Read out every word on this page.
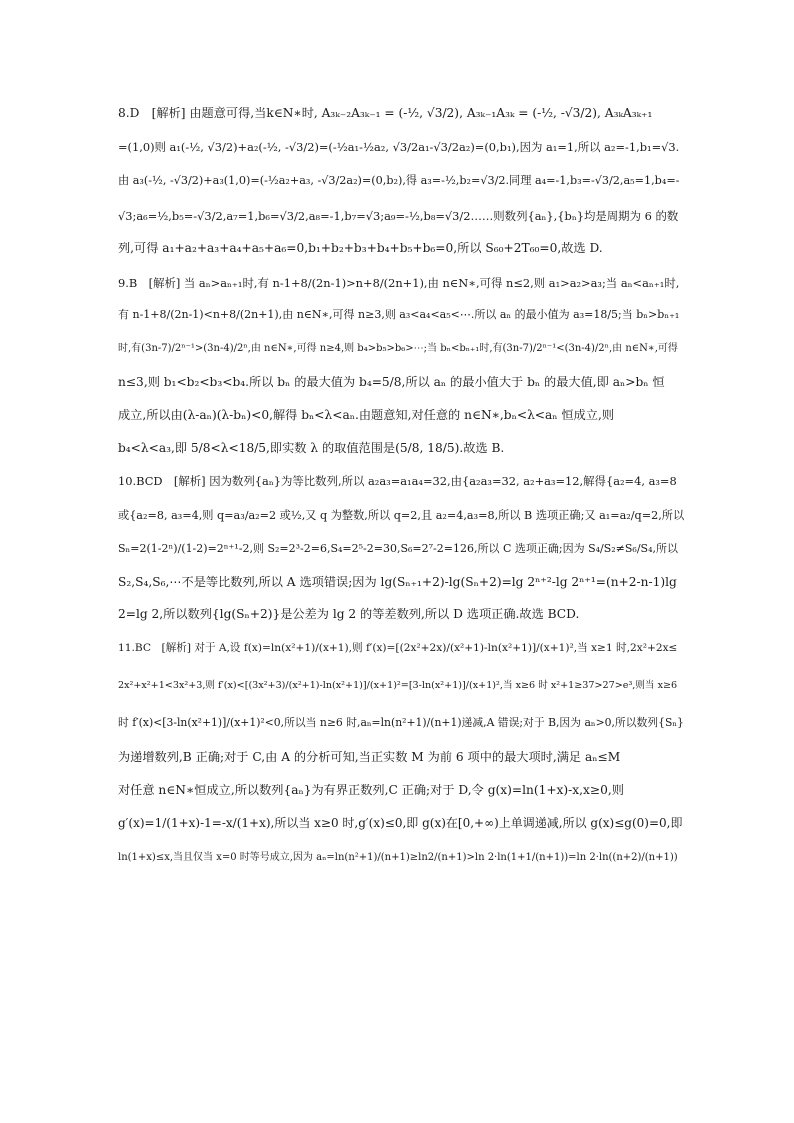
8.D　[解析] 由题意可得,当k∈N∗时, A₃ₖ₋₂A₃ₖ₋₁ = (-½, √3/2), A₃ₖ₋₁A₃ₖ = (-½, -√3/2), A₃ₖA₃ₖ₊₁
=(1,0)则 a₁(-½, √3/2)+a₂(-½, -√3/2)=(-½a₁-½a₂, √3/2a₁-√3/2a₂)=(0,b₁),因为 a₁=1,所以 a₂=-1,b₁=√3.
由 a₃(-½, -√3/2)+a₃(1,0)=(-½a₂+a₃, -√3/2a₂)=(0,b₂),得 a₃=-½,b₂=√3/2.同理 a₄=-1,b₃=-√3/2,a₅=1,b₄=-
√3;a₆=½,b₅=-√3/2,a₇=1,b₆=√3/2,a₈=-1,b₇=√3;a₉=-½,b₈=√3/2……则数列{aₙ},{bₙ}均是周期为 6 的数
列,可得 a₁+a₂+a₃+a₄+a₅+a₆=0,b₁+b₂+b₃+b₄+b₅+b₆=0,所以 S₆₀+2T₆₀=0,故选 D.
9.B　[解析] 当 aₙ>aₙ₊₁时,有 n-1+8/(2n-1)>n+8/(2n+1),由 n∈N∗,可得 n≤2,则 a₁>a₂>a₃;当 aₙ<aₙ₊₁时,
有 n-1+8/(2n-1)<n+8/(2n+1),由 n∈N∗,可得 n≥3,则 a₃<a₄<a₅<⋯.所以 aₙ 的最小值为 a₃=18/5;当 bₙ>bₙ₊₁
时,有(3n-7)/2ⁿ⁻¹>(3n-4)/2ⁿ,由 n∈N∗,可得 n≥4,则 b₄>b₅>b₆>⋯;当 bₙ<bₙ₊₁时,有(3n-7)/2ⁿ⁻¹<(3n-4)/2ⁿ,由 n∈N∗,可得
n≤3,则 b₁<b₂<b₃<b₄.所以 bₙ 的最大值为 b₄=5/8,所以 aₙ 的最小值大于 bₙ 的最大值,即 aₙ>bₙ 恒
成立,所以由(λ-aₙ)(λ-bₙ)<0,解得 bₙ<λ<aₙ.由题意知,对任意的 n∈N∗,bₙ<λ<aₙ 恒成立,则
b₄<λ<a₃,即 5/8<λ<18/5,即实数 λ 的取值范围是(5/8, 18/5).故选 B.
10.BCD　[解析] 因为数列{aₙ}为等比数列,所以 a₂a₃=a₁a₄=32,由{a₂a₃=32, a₂+a₃=12,解得{a₂=4, a₃=8
或{a₂=8, a₃=4,则 q=a₃/a₂=2 或½,又 q 为整数,所以 q=2,且 a₂=4,a₃=8,所以 B 选项正确;又 a₁=a₂/q=2,所以
Sₙ=2(1-2ⁿ)/(1-2)=2ⁿ⁺¹-2,则 S₂=2³-2=6,S₄=2⁵-2=30,S₆=2⁷-2=126,所以 C 选项正确;因为 S₄/S₂≠S₆/S₄,所以
S₂,S₄,S₆,⋯不是等比数列,所以 A 选项错误;因为 lg(Sₙ₊₁+2)-lg(Sₙ+2)=lg 2ⁿ⁺²-lg 2ⁿ⁺¹=(n+2-n-1)lg
2=lg 2,所以数列{lg(Sₙ+2)}是公差为 lg 2 的等差数列,所以 D 选项正确.故选 BCD.
11.BC　[解析] 对于 A,设 f(x)=ln(x²+1)/(x+1),则 f′(x)=[(2x²+2x)/(x²+1)-ln(x²+1)]/(x+1)²,当 x≥1 时,2x²+2x≤
2x²+x²+1<3x²+3,则 f′(x)<[(3x²+3)/(x²+1)-ln(x²+1)]/(x+1)²=[3-ln(x²+1)]/(x+1)²,当 x≥6 时 x²+1≥37>27>e³,则当 x≥6
时 f′(x)<[3-ln(x²+1)]/(x+1)²<0,所以当 n≥6 时,aₙ=ln(n²+1)/(n+1)递减,A 错误;对于 B,因为 aₙ>0,所以数列{Sₙ}
为递增数列,B 正确;对于 C,由 A 的分析可知,当正实数 M 为前 6 项中的最大项时,满足 aₙ≤M
对任意 n∈N∗恒成立,所以数列{aₙ}为有界正数列,C 正确;对于 D,令 g(x)=ln(1+x)-x,x≥0,则
g′(x)=1/(1+x)-1=-x/(1+x),所以当 x≥0 时,g′(x)≤0,即 g(x)在[0,+∞)上单调递减,所以 g(x)≤g(0)=0,即
ln(1+x)≤x,当且仅当 x=0 时等号成立,因为 aₙ=ln(n²+1)/(n+1)≥ln2/(n+1)>ln 2·ln(1+1/(n+1))=ln 2·ln((n+2)/(n+1))
